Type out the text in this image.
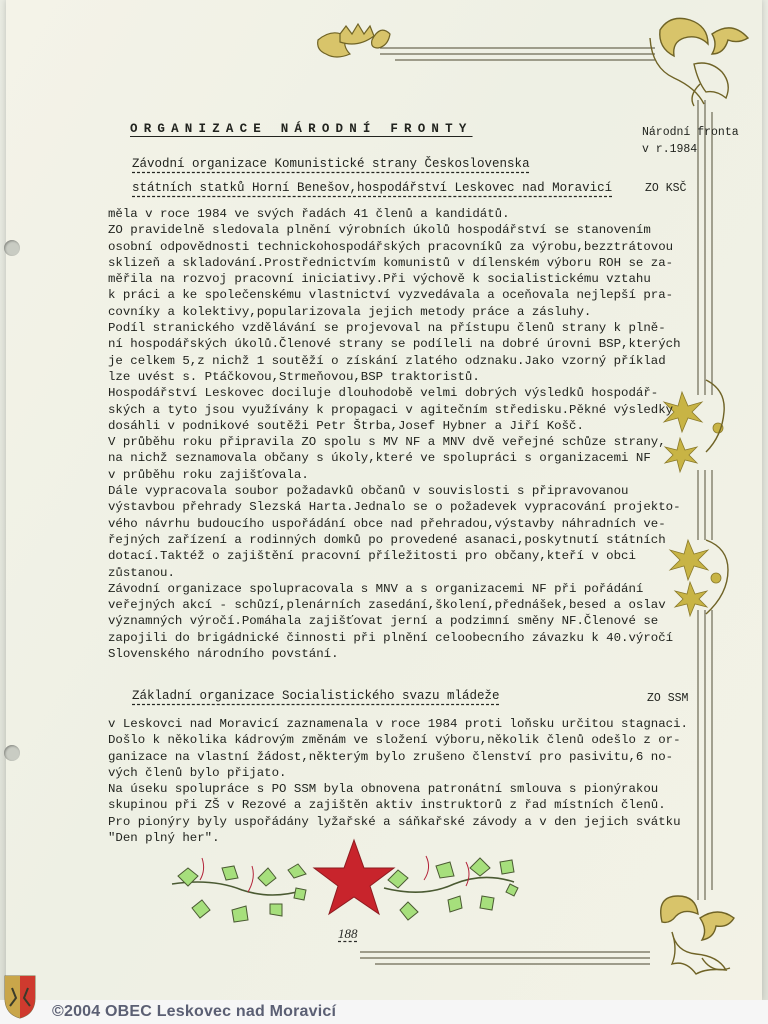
ORGANIZACE NÁRODNÍ FRONTY	Národní fronta
v r.1984
ZO KSČ
ZO SSM
Závodní organizace Komunistické strany Československa
státních statků Horní Benešov,hospodářství Leskovec nad Moravicí
měla v roce 1984 ve svých řadách 41 členů a kandidátů.
ZO pravidelně sledovala plnění výrobních úkolů hospodářství se stanovením
osobní odpovědnosti technickohospodářských pracovníků za výrobu,bezztrátovou
sklizeň a skladování.Prostřednictvím komunistů v dílenském výboru ROH se za-
měřila na rozvoj pracovní iniciativy.Při výchově k socialistickému vztahu
k práci a ke společenskému vlastnictví vyzvedávala a oceňovala nejlepší pra-
covníky a kolektivy,popularizovala jejich metody práce a zásluhy.
Podíl stranického vzdělávání se projevoval na přístupu členů strany k plně-
ní hospodářských úkolů.Členové strany se podíleli na dobré úrovni BSP,kterých
je celkem 5,z nichž 1 soutěží o získání zlatého odznaku.Jako vzorný příklad
lze uvést s. Ptáčkovou,Strmeňovou,BSP traktoristů.
Hospodářství Leskovec dociluje dlouhodobě velmi dobrých výsledků hospodář-
ských a tyto jsou využívány k propagaci v agitečním středisku.Pěkné výsledky
dosáhli v podnikové soutěži Petr Štrba,Josef Hybner a Jiří Košč.
V průběhu roku připravila ZO spolu s MV NF a MNV dvě veřejné schůze strany,
na nichž seznamovala občany s úkoly,které ve spolupráci s organizacemi NF
v průběhu roku zajišťovala.
Dále vypracovala soubor požadavků občanů v souvislosti s připravovanou
výstavbou přehrady Slezská Harta.Jednalo se o požadevek vypracování projekto-
vého návrhu budoucího uspořádání obce nad přehradou,výstavby náhradních ve-
řejných zařízení a rodinných domků po provedené asanaci,poskytnutí státních
dotací.Taktéž o zajištění pracovní příležitosti pro občany,kteří v obci
zůstanou.
Závodní organizace spolupracovala s MNV a s organizacemi NF při pořádání
veřejných akcí - schůzí,plenárních zasedání,školení,přednášek,besed a oslav
významných výročí.Pomáhala zajišťovat jerní a podzimní směny NF.Členové se
zapojili do brigádnické činnosti při plnění celoobecního závazku k 40.výročí
Slovenského národního povstání.
Základní organizace Socialistického svazu mládeže
v Leskovci nad Moravicí zaznamenala v roce 1984 proti loňsku určitou stagnaci.
Došlo k několika kádrovým změnám ve složení výboru,několik členů odešlo z or-
ganizace na vlastní žádost,některým bylo zrušeno členství pro pasivitu,6 no-
vých členů bylo přijato.
Na úseku spolupráce s PO SSM byla obnovena patronátní smlouva s pionýrakou
skupinou při ZŠ v Rezové a zajištěn aktiv instruktorů z řad místních členů.
Pro pionýry byly uspořádány lyžařské a sáňkařské závody a v den jejich svátku
"Den plný her".
188
©2004 OBEC Leskovec nad Moravicí
